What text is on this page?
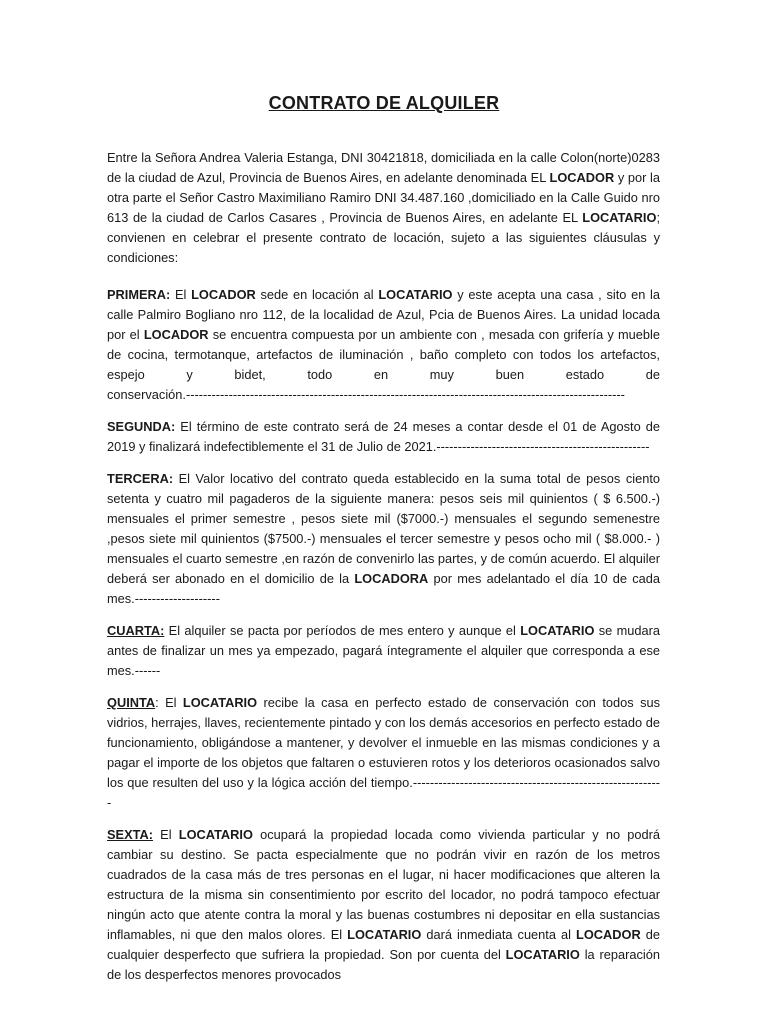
CONTRATO DE ALQUILER

Entre la Señora Andrea Valeria Estanga, DNI 30421818, domiciliada en la calle Colon(norte)0283 de la ciudad de Azul, Provincia de Buenos Aires, en adelante denominada EL LOCADOR y por la otra parte el Señor Castro Maximiliano Ramiro DNI 34.487.160 ,domiciliado en la Calle Guido nro 613 de la ciudad de Carlos Casares , Provincia de Buenos Aires, en adelante EL LOCATARIO; convienen en celebrar el presente contrato de locación, sujeto a las siguientes cláusulas y condiciones:

PRIMERA: El LOCADOR sede en locación al LOCATARIO y este acepta una casa , sito en la calle Palmiro Bogliano nro 112, de la localidad de Azul, Pcia de Buenos Aires. La unidad locada por el LOCADOR se encuentra compuesta por un ambiente con , mesada con grifería y mueble de cocina, termotanque, artefactos de iluminación , baño completo con todos los artefactos, espejo y bidet, todo en muy buen estado de conservación.-------------------------------------------------------------------------------------------------------

SEGUNDA: El término de este contrato será de 24 meses a contar desde el 01 de Agosto de 2019 y finalizará indefectiblemente el 31 de Julio de 2021.--------------------------------------------------

TERCERA: El Valor locativo del contrato queda establecido en la suma total de pesos ciento setenta y cuatro mil pagaderos de la siguiente manera: pesos seis mil quinientos ( $ 6.500.-) mensuales el primer semestre , pesos siete mil ($7000.-) mensuales el segundo semenestre ,pesos siete mil quinientos ($7500.-) mensuales el tercer semestre y pesos ocho mil ( $8.000.- ) mensuales el cuarto semestre ,en razón de convenirlo las partes, y de común acuerdo. El alquiler deberá ser abonado en el domicilio de la LOCADORA por mes adelantado el día 10 de cada mes.--------------------

CUARTA: El alquiler se pacta por períodos de mes entero y aunque el LOCATARIO se mudara antes de finalizar un mes ya empezado, pagará íntegramente el alquiler que corresponda a ese mes.------

QUINTA: El LOCATARIO recibe la casa en perfecto estado de conservación con todos sus vidrios, herrajes, llaves, recientemente pintado y con los demás accesorios en perfecto estado de funcionamiento, obligándose a mantener, y devolver el inmueble en las mismas condiciones y a pagar el importe de los objetos que faltaren o estuvieren rotos y los deterioros ocasionados salvo los que resulten del uso y la lógica acción del tiempo.-----------------------------------------------------------

SEXTA: El LOCATARIO ocupará la propiedad locada como vivienda particular y no podrá cambiar su destino. Se pacta especialmente que no podrán vivir en razón de los metros cuadrados de la casa más de tres personas en el lugar, ni hacer modificaciones que alteren la estructura de la misma sin consentimiento por escrito del locador, no podrá tampoco efectuar ningún acto que atente contra la moral y las buenas costumbres ni depositar en ella sustancias inflamables, ni que den malos olores. El LOCATARIO dará inmediata cuenta al LOCADOR de cualquier desperfecto que sufriera la propiedad. Son por cuenta del LOCATARIO la reparación de los desperfectos menores provocados
